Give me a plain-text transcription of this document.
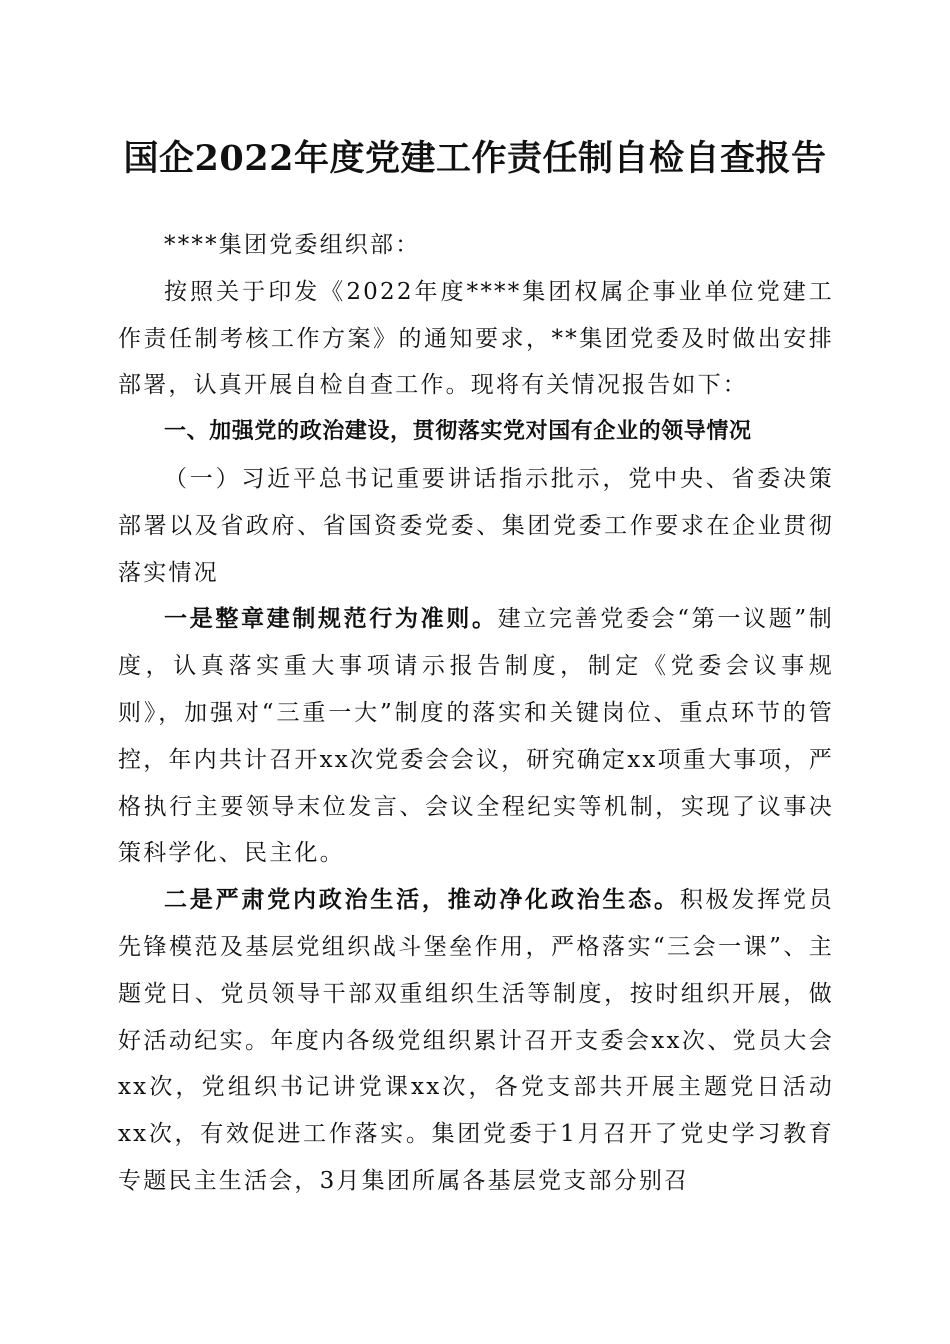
国企2022年度党建工作责任制自检自查报告

****集团党委组织部：

按照关于印发《2022年度****集团权属企事业单位党建工作责任制考核工作方案》的通知要求，**集团党委及时做出安排部署，认真开展自检自查工作。现将有关情况报告如下：

一、加强党的政治建设，贯彻落实党对国有企业的领导情况

（一）习近平总书记重要讲话指示批示，党中央、省委决策部署以及省政府、省国资委党委、集团党委工作要求在企业贯彻落实情况

一是整章建制规范行为准则。建立完善党委会“第一议题”制度，认真落实重大事项请示报告制度，制定《党委会议事规则》，加强对“三重一大”制度的落实和关键岗位、重点环节的管控，年内共计召开xx次党委会会议，研究确定xx项重大事项，严格执行主要领导末位发言、会议全程纪实等机制，实现了议事决策科学化、民主化。

二是严肃党内政治生活，推动净化政治生态。积极发挥党员先锋模范及基层党组织战斗堡垒作用，严格落实“三会一课”、主题党日、党员领导干部双重组织生活等制度，按时组织开展，做好活动纪实。年度内各级党组织累计召开支委会xx次、党员大会xx次，党组织书记讲党课xx次，各党支部共开展主题党日活动xx次，有效促进工作落实。集团党委于1月召开了党史学习教育专题民主生活会，3月集团所属各基层党支部分别召
